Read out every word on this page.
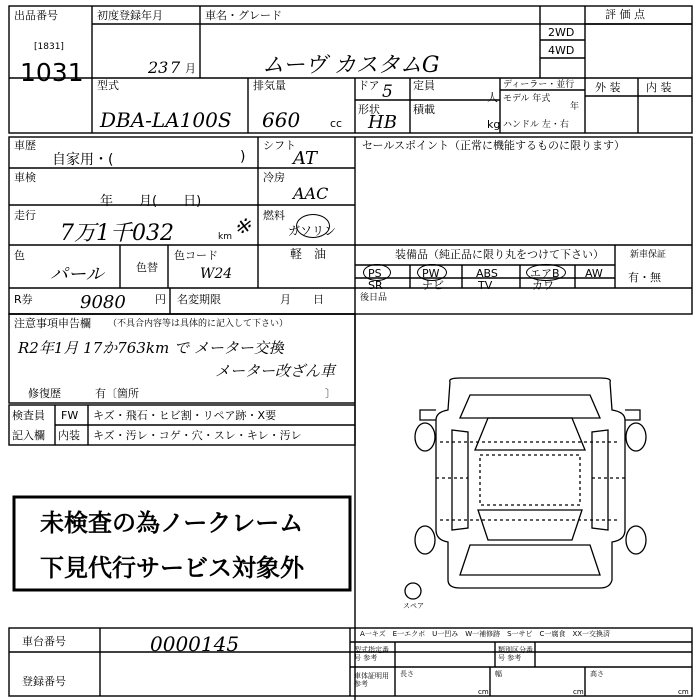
出品番号
[1831]
1031
初度登録年月
23 7 月
車名・グレード
ムーヴ カスタムG
2WD
4WD
評 価 点
型式
DBA-LA100S
排気量
660	cc
ドア 5 定員
人
形状
HB
積載
kg
ディーラー・並行
モデル 年式
年
ハンドル 左・右
外 装 内 装
車歴
自家用・(	)
シフト
AT
セールスポイント（正常に機能するものに限ります）
車検
年　　月(　　日)
冷房
AAC
走行
7万1千032	km ※ 燃料
ガソリン
軽　油
色
パール	色替
色コード
W24
装備品（純正品に限り丸をつけて下さい）
PS	PW	ABS	エアB AW
SR	ナビ	TV	カワ
新車保証
有・無
後日品
R券	9080	円 名変期限	月　　日
注意事項申告欄 （不具合内容等は具体的に記入して下さい）
R2年1月 17か763km で メーター交換
メーター改ざん車
修復歴	有〔箇所	〕
検査員
記入欄
FW キズ・飛石・ヒビ割・リペア跡・X要
内装 キズ・汚レ・コゲ・穴・スレ・キレ・汚レ
未検査の為ノークレーム
下見代行サービス対象外
スペア
A一キズ　E一エクボ　U一凹み　W一補修跡　S一サビ　C一腐食　XX一交換済
車台番号	0000145
登録番号
型式指定番号 参考
類別区分番号 参考
車体証明用 参考
長さ	幅	高さ
cm	cm	cm
